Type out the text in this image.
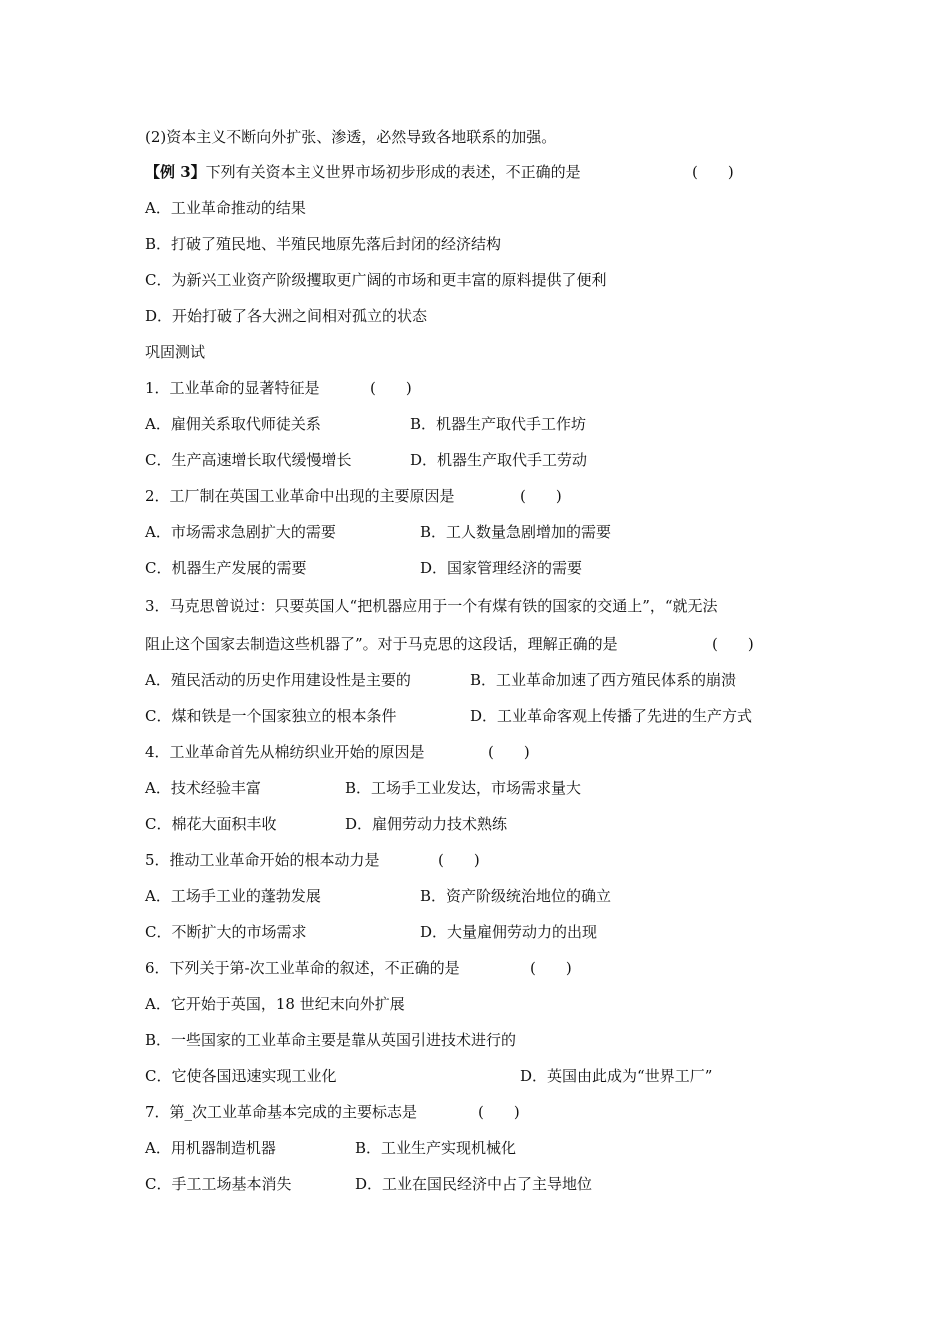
(2)资本主义不断向外扩张、渗透，必然导致各地联系的加强。
【例 3】下列有关资本主义世界市场初步形成的表述，不正确的是	(　　)
A．工业革命推动的结果
B．打破了殖民地、半殖民地原先落后封闭的经济结构
C．为新兴工业资产阶级攫取更广阔的市场和更丰富的原料提供了便利
D．开始打破了各大洲之间相对孤立的状态
巩固测试
1．工业革命的显著特征是	(　　)
A．雇佣关系取代师徒关系	B．机器生产取代手工作坊
C．生产高速增长取代缓慢增长	D．机器生产取代手工劳动
2．工厂制在英国工业革命中出现的主要原因是	(　　)
A．市场需求急剧扩大的需要	B．工人数量急剧增加的需要
C．机器生产发展的需要	D．国家管理经济的需要
3．马克思曾说过：只要英国人“把机器应用于一个有煤有铁的国家的交通上”，“就无法
阻止这个国家去制造这些机器了”。对于马克思的这段话，理解正确的是	(　　)
A．殖民活动的历史作用建设性是主要的	B．工业革命加速了西方殖民体系的崩溃
C．煤和铁是一个国家独立的根本条件	D．工业革命客观上传播了先进的生产方式
4．工业革命首先从棉纺织业开始的原因是	(　　)
A．技术经验丰富	B．工场手工业发达，市场需求量大
C．棉花大面积丰收	D．雇佣劳动力技术熟练
5．推动工业革命开始的根本动力是	(　　)
A．工场手工业的蓬勃发展	B．资产阶级统治地位的确立
C．不断扩大的市场需求	D．大量雇佣劳动力的出现
6．下列关于第-次工业革命的叙述，不正确的是	(　　)
A．它开始于英国，18 世纪末向外扩展
B．一些国家的工业革命主要是靠从英国引进技术进行的
C．它使各国迅速实现工业化	D．英国由此成为“世界工厂”
7．第_次工业革命基本完成的主要标志是	(　　)
A．用机器制造机器	B．工业生产实现机械化
C．手工工场基本消失	D．工业在国民经济中占了主导地位
